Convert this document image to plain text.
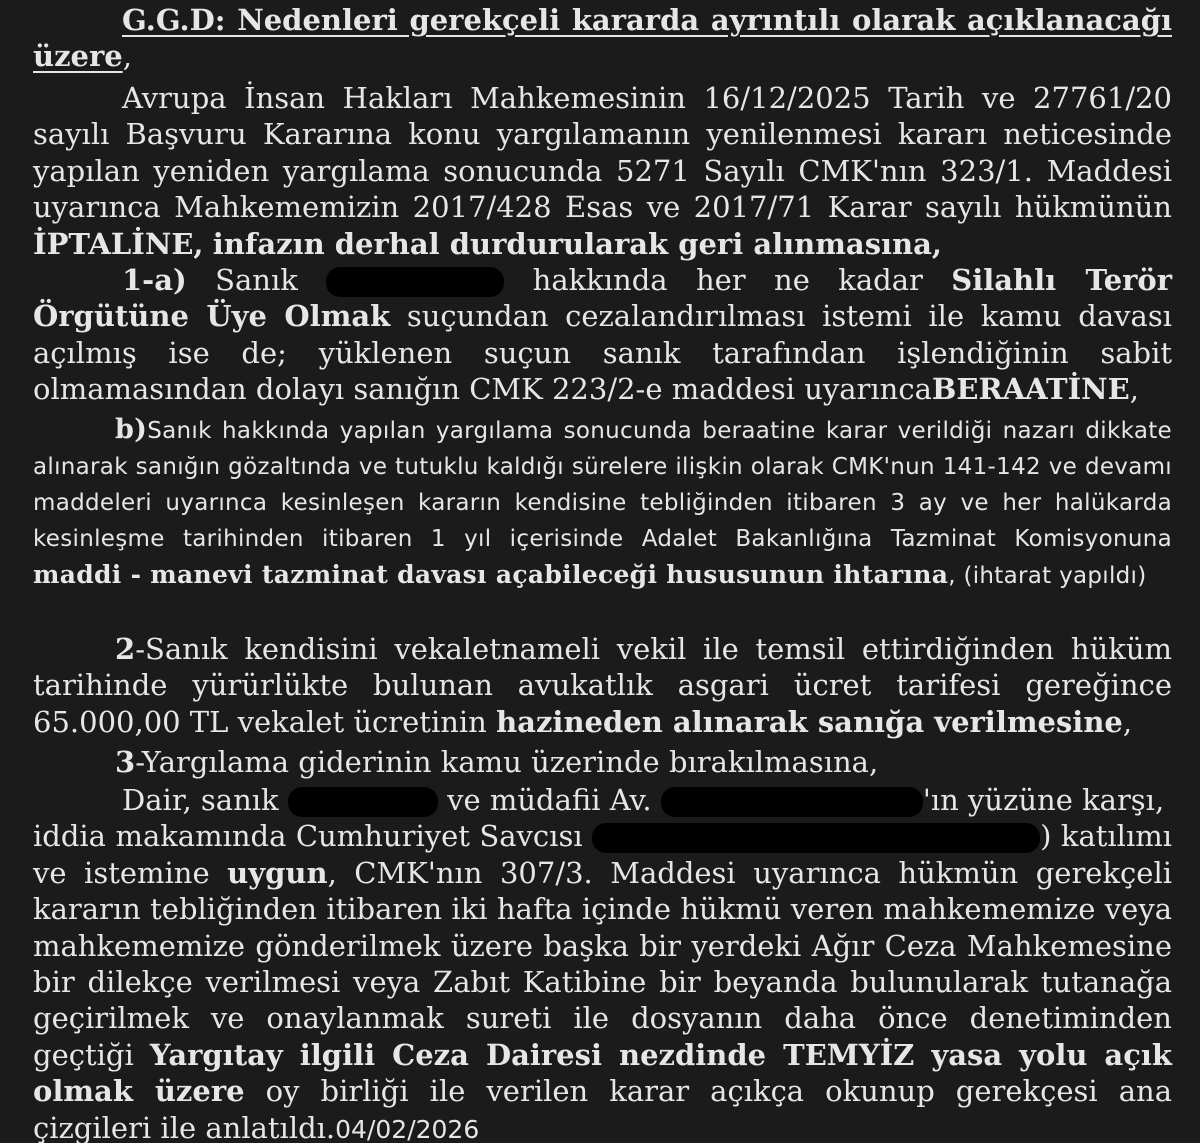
G.G.D: Nedenleri gerekçeli kararda ayrıntılı olarak açıklanacağı üzere,
Avrupa İnsan Hakları Mahkemesinin 16/12/2025 Tarih ve 27761/20 sayılı Başvuru Kararına konu yargılamanın yenilenmesi kararı neticesinde yapılan yeniden yargılama sonucunda 5271 Sayılı CMK'nın 323/1. Maddesi uyarınca Mahkememizin 2017/428 Esas ve 2017/71 Karar sayılı hükmünün İPTALİNE, infazın derhal durdurularak geri alınmasına,
1-a) Sanık	hakkında her ne kadar Silahlı Terör Örgütüne Üye Olmak suçundan cezalandırılması istemi ile kamu davası açılmış ise de; yüklenen suçun sanık tarafından işlendiğinin sabit olmamasından dolayı sanığın CMK 223/2-e maddesi uyarıncaBERAATİNE,
b)Sanık hakkında yapılan yargılama sonucunda beraatine karar verildiği nazarı dikkate alınarak sanığın gözaltında ve tutuklu kaldığı sürelere ilişkin olarak CMK'nun 141-142 ve devamı maddeleri uyarınca kesinleşen kararın kendisine tebliğinden itibaren 3 ay ve her halükarda kesinleşme tarihinden itibaren 1 yıl içerisinde Adalet Bakanlığına Tazminat Komisyonuna maddi - manevi tazminat davası açabileceği hususunun ihtarına, (ihtarat yapıldı)
2-Sanık kendisini vekaletnameli vekil ile temsil ettirdiğinden hüküm tarihinde yürürlükte bulunan avukatlık asgari ücret tarifesi gereğince 65.000,00 TL vekalet ücretinin hazineden alınarak sanığa verilmesine,
3-Yargılama giderinin kamu üzerinde bırakılmasına,
Dair, sanık	ve müdafii Av.	'ın yüzüne karşı,
iddia makamında Cumhuriyet Savcısı	) katılımı
ve istemine uygun, CMK'nın 307/3. Maddesi uyarınca hükmün gerekçeli kararın tebliğinden itibaren iki hafta içinde hükmü veren mahkememize veya mahkememize gönderilmek üzere başka bir yerdeki Ağır Ceza Mahkemesine bir dilekçe verilmesi veya Zabıt Katibine bir beyanda bulunularak tutanağa geçirilmek ve onaylanmak sureti ile dosyanın daha önce denetiminden geçtiği Yargıtay ilgili Ceza Dairesi nezdinde TEMYİZ yasa yolu açık olmak üzere oy birliği ile verilen karar açıkça okunup gerekçesi ana çizgileri ile anlatıldı.04/02/2026
